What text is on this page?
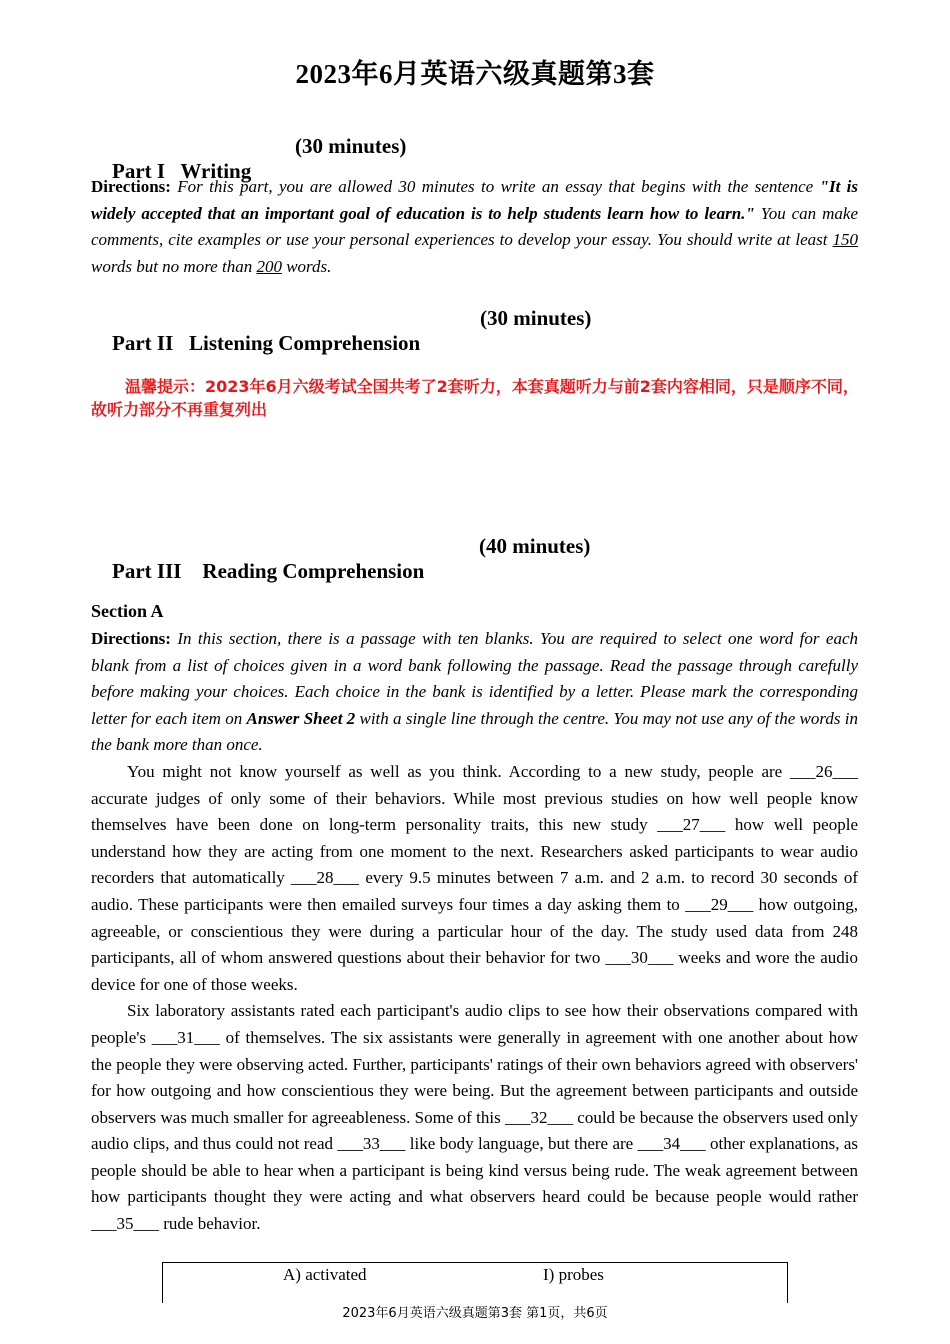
2023年6月英语六级真题第3套

Part I   Writing

(30 minutes)

Directions: For this part, you are allowed 30 minutes to write an essay that begins with the sentence "It is widely accepted that an important goal of education is to help students learn how to learn." You can make comments, cite examples or use your personal experiences to develop your essay. You should write at least 150 words but no more than 200 words.

Part II   Listening Comprehension

(30 minutes)

温馨提示：2023年6月六级考试全国共考了2套听力，本套真题听力与前2套内容相同，只是顺序不同，故听力部分不再重复列出

Part III    Reading Comprehension

(40 minutes)

Section A
Directions: In this section, there is a passage with ten blanks. You are required to select one word for each blank from a list of choices given in a word bank following the passage. Read the passage through carefully before making your choices. Each choice in the bank is identified by a letter. Please mark the corresponding letter for each item on Answer Sheet 2 with a single line through the centre. You may not use any of the words in the bank more than once.

You might not know yourself as well as you think. According to a new study, people are ___26___ accurate judges of only some of their behaviors. While most previous studies on how well people know themselves have been done on long-term personality traits, this new study ___27___ how well people understand how they are acting from one moment to the next. Researchers asked participants to wear audio recorders that automatically ___28___ every 9.5 minutes between 7 a.m. and 2 a.m. to record 30 seconds of audio. These participants were then emailed surveys four times a day asking them to ___29___ how outgoing, agreeable, or conscientious they were during a particular hour of the day. The study used data from 248 participants, all of whom answered questions about their behavior for two ___30___ weeks and wore the audio device for one of those weeks.

Six laboratory assistants rated each participant's audio clips to see how their observations compared with people's ___31___ of themselves. The six assistants were generally in agreement with one another about how the people they were observing acted. Further, participants' ratings of their own behaviors agreed with observers' for how outgoing and how conscientious they were being. But the agreement between participants and outside observers was much smaller for agreeableness. Some of this ___32___ could be because the observers used only audio clips, and thus could not read ___33___ like body language, but there are ___34___ other explanations, as people should be able to hear when a participant is being kind versus being rude. The weak agreement between how participants thought they were acting and what observers heard could be because people would rather ___35___ rude behavior.

A) activated	I) probes
2023年6月英语六级真题第3套 第1页，共6页
